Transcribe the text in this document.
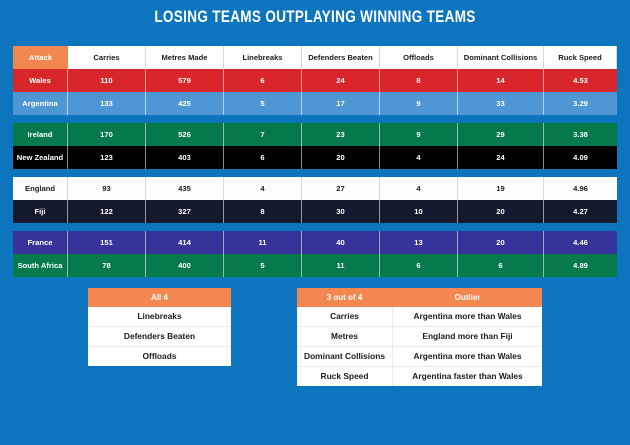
LOSING TEAMS OUTPLAYING WINNING TEAMS
Attack	Carries	Metres Made	Linebreaks	Defenders Beaten	Offloads	Dominant Collisions	Ruck Speed
Wales	110	579	6	24	8	14	4.53
Argentina	133	425	5	17	9	33	3.29

Ireland	170	526	7	23	9	29	3.38
New Zealand	123	403	6	20	4	24	4.09

England	93	435	4	27	4	19	4.96
Fiji	122	327	8	30	10	20	4.27

France	151	414	11	40	13	20	4.46
South Africa	78	400	5	11	6	6	4.89
All 4
Linebreaks
Defenders Beaten
Offloads
3 out of 4	Outlier
Carries	Argentina more than Wales
Metres	England more than Fiji
Dominant Collisions	Argentina more than Wales
Ruck Speed	Argentina faster than Wales
